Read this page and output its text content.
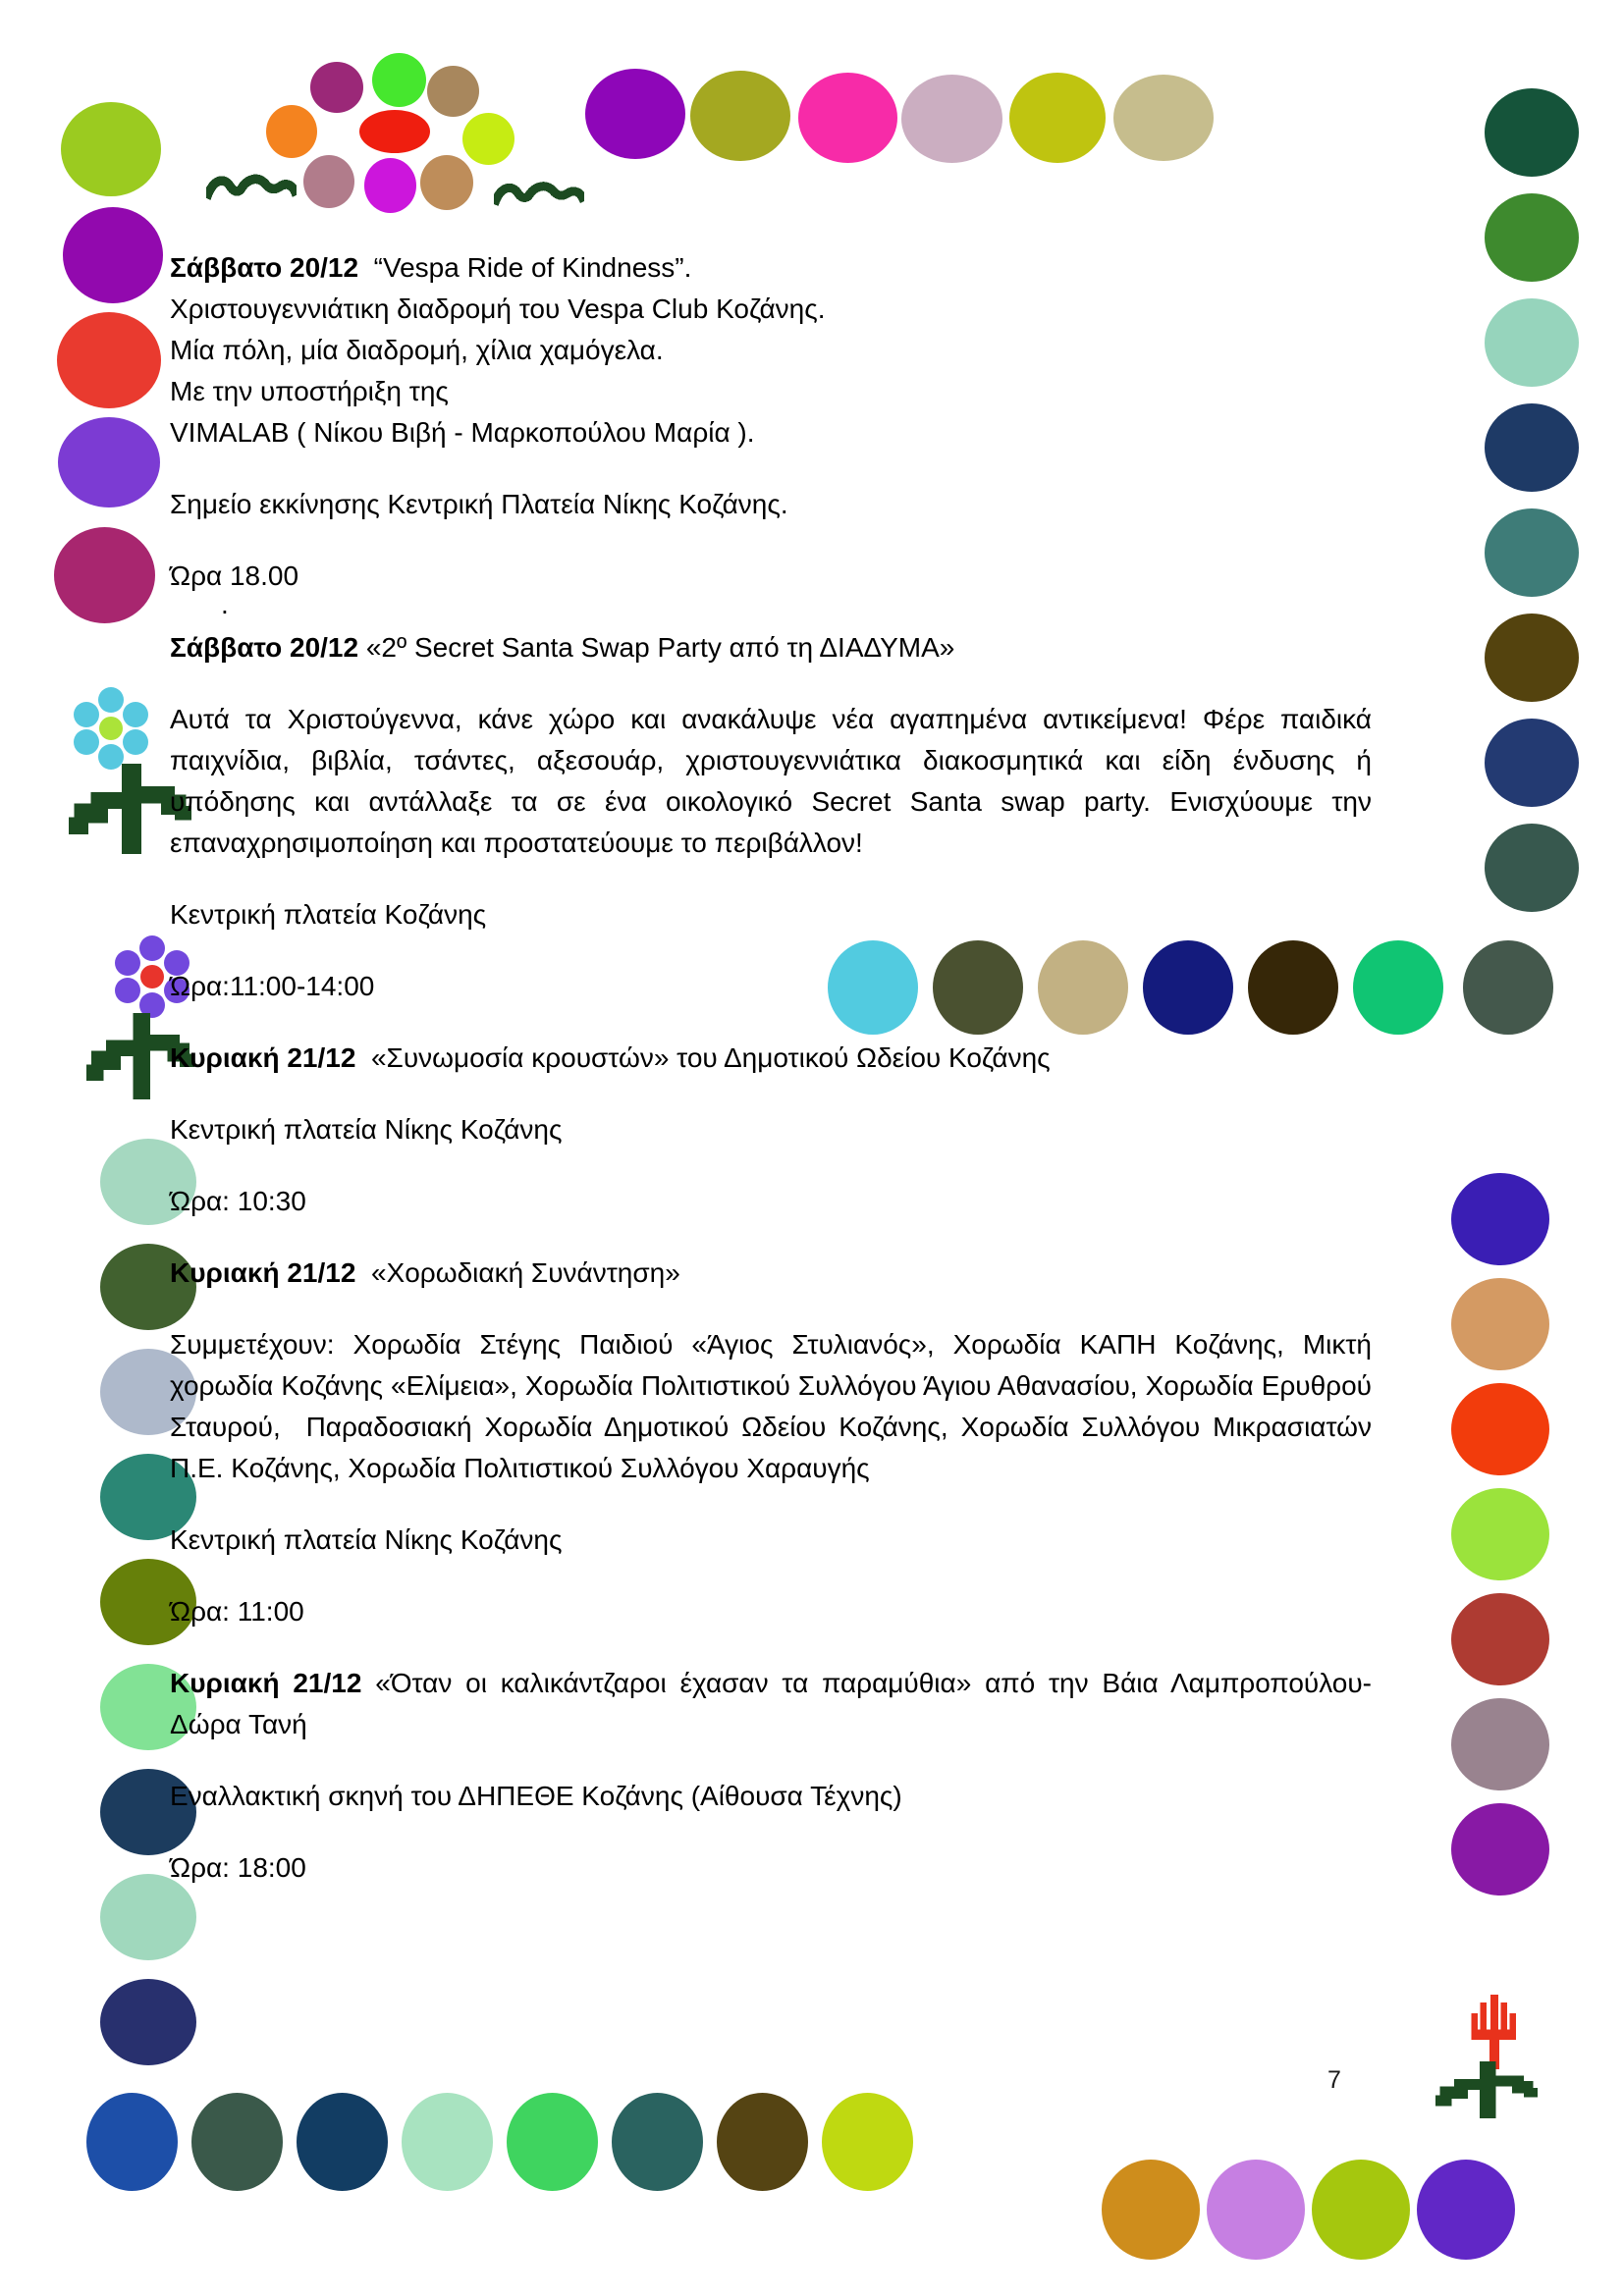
Σάββατο 20/12  “Vespa Ride of Kindness”.
Χριστουγεννιάτικη διαδρομή του Vespa Club Κοζάνης.
Μία πόλη, μία διαδρομή, χίλια χαμόγελα.
Με την υποστήριξη της
VIMALAB ( Νίκου Βιβή - Μαρκοπούλου Μαρία ).

Σημείο εκκίνησης Κεντρική Πλατεία Νίκης Κοζάνης.

Ώρα 18.00
.

Σάββατο 20/12 «2º Secret Santa Swap Party από τη ΔΙΑΔΥΜΑ»

Αυτά τα Χριστούγεννα, κάνε χώρο και ανακάλυψε νέα αγαπημένα αντικείμενα! Φέρε παιδικά παιχνίδια, βιβλία, τσάντες, αξεσουάρ, χριστουγεννιάτικα διακοσμητικά και είδη ένδυσης ή υπόδησης και αντάλλαξε τα σε ένα οικολογικό Secret Santa swap party. Ενισχύουμε την επαναχρησιμοποίηση και προστατεύουμε το περιβάλλον!

Κεντρική πλατεία Κοζάνης

Ώρα:11:00-14:00

Κυριακή 21/12  «Συνωμοσία κρουστών» του Δημοτικού Ωδείου Κοζάνης

Κεντρική πλατεία Νίκης Κοζάνης

Ώρα: 10:30

Κυριακή 21/12  «Χορωδιακή Συνάντηση»

Συμμετέχουν: Χορωδία Στέγης Παιδιού «Άγιος Στυλιανός», Χορωδία ΚΑΠΗ Κοζάνης, Μικτή χορωδία Κοζάνης «Ελίμεια», Χορωδία Πολιτιστικού Συλλόγου Άγιου Αθανασίου, Χορωδία Ερυθρού Σταυρού,  Παραδοσιακή Χορωδία Δημοτικού Ωδείου Κοζάνης, Χορωδία Συλλόγου Μικρασιατών Π.Ε. Κοζάνης, Χορωδία Πολιτιστικού Συλλόγου Χαραυγής

Κεντρική πλατεία Νίκης Κοζάνης

Ώρα: 11:00

Κυριακή 21/12 «Όταν οι καλικάντζαροι έχασαν τα παραμύθια» από την Βάια Λαμπροπούλου-Δώρα Τανή

Εναλλακτική σκηνή του ΔΗΠΕΘΕ Κοζάνης (Αίθουσα Τέχνης)

Ώρα: 18:00

7
